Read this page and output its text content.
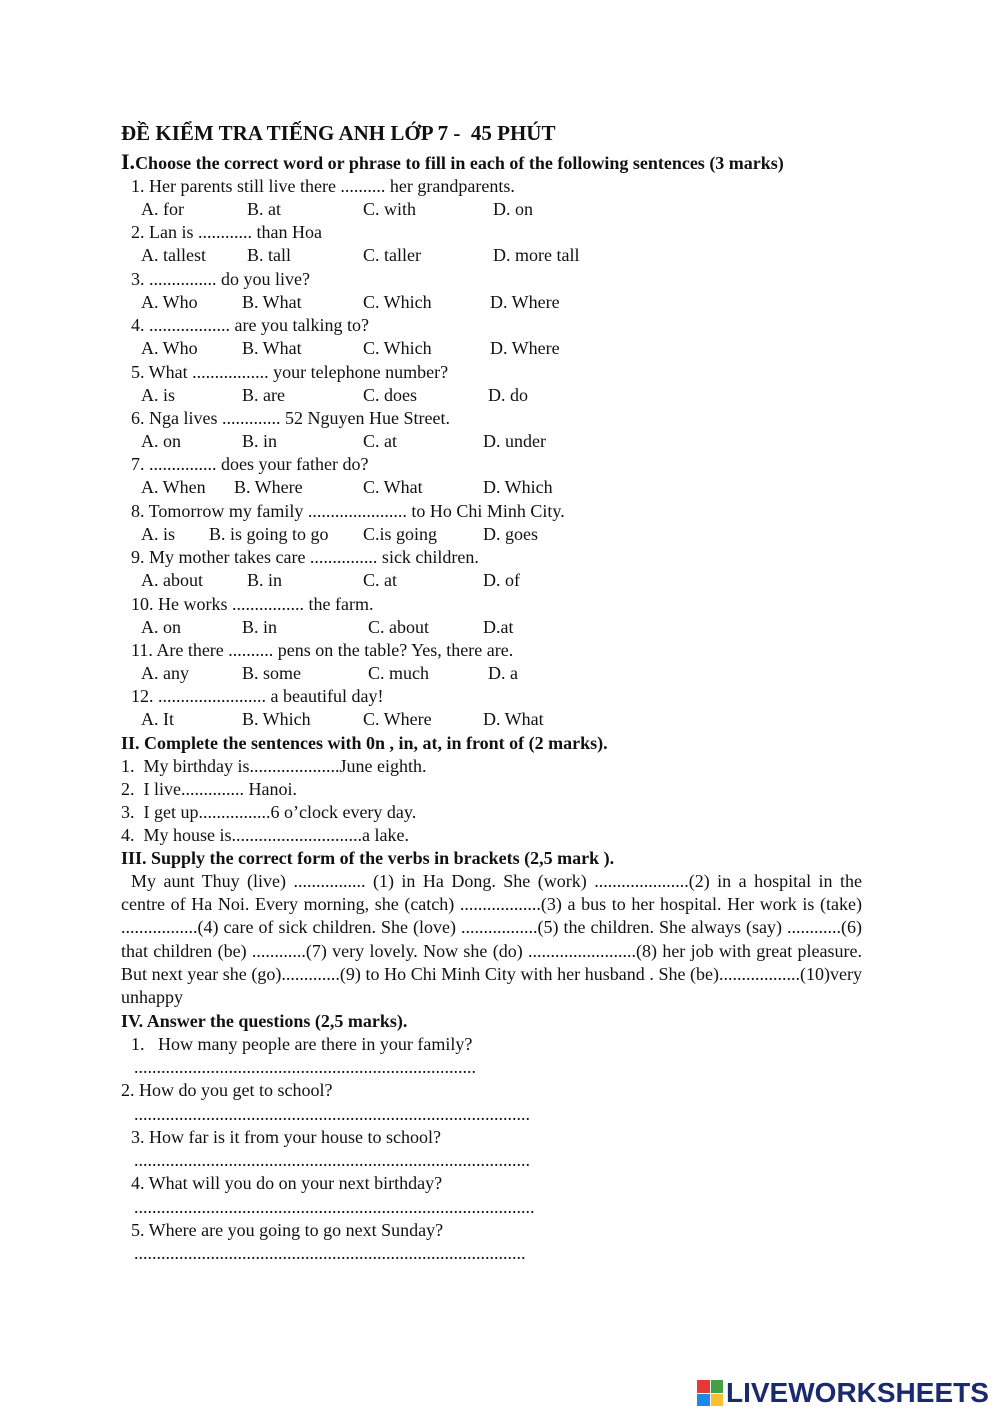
ĐỀ KIỂM TRA TIẾNG ANH LỚP 7 -  45 PHÚT
I.Choose the correct word or phrase to fill in each of the following sentences (3 marks)
1. Her parents still live there .......... her grandparents.
A. for	B. at	C. with	D. on
2. Lan is ............ than Hoa
A. tallest B. tall	C. taller	D. more tall
3. ............... do you live?
A. Who B. What	C. Which	D. Where
4. .................. are you talking to?
A. Who B. What	C. Which	D. Where
5. What ................. your telephone number?
A. is	B. are	C. does	D. do
6. Nga lives ............. 52 Nguyen Hue Street.
A. on	B. in	C. at	D. under
7. ............... does your father do?
A. When B. Where	C. What	D. Which
8. Tomorrow my family ...................... to Ho Chi Minh City.
A. is B. is going to go C.is going	D. goes
9. My mother takes care ............... sick children.
A. about B. in	C. at	D. of
10. He works ................ the farm.
A. on	B. in	C. about	D.at
11. Are there .......... pens on the table? Yes, there are.
A. any	B. some	C. much	D. a
12. ........................ a beautiful day!
A. It	B. Which	C. Where	D. What
II. Complete the sentences with 0n , in, at, in front of (2 marks).
1.  My birthday is....................June eighth.
2.  I live.............. Hanoi.
3.  I get up................6 o’clock every day.
4.  My house is.............................a lake.
III. Supply the correct form of the verbs in brackets (2,5 mark ).
My aunt Thuy (live) ................ (1) in Ha Dong. She (work) .....................(2) in a hospital in the centre of Ha Noi. Every morning, she (catch) ..................(3) a bus to her hospital. Her work is (take) .................(4) care of sick children. She (love) .................(5) the children. She always (say) ............(6) that children (be) ............(7) very lovely. Now she (do) ........................(8) her job with great pleasure. But next year she (go).............(9) to Ho Chi Minh City with her husband . She (be)..................(10)very unhappy
IV. Answer the questions (2,5 marks).
1.   How many people are there in your family?
............................................................................
2. How do you get to school?
........................................................................................
3. How far is it from your house to school?
........................................................................................
4. What will you do on your next birthday?
.........................................................................................
5. Where are you going to go next Sunday?
.......................................................................................
LIVEWORKSHEETS
